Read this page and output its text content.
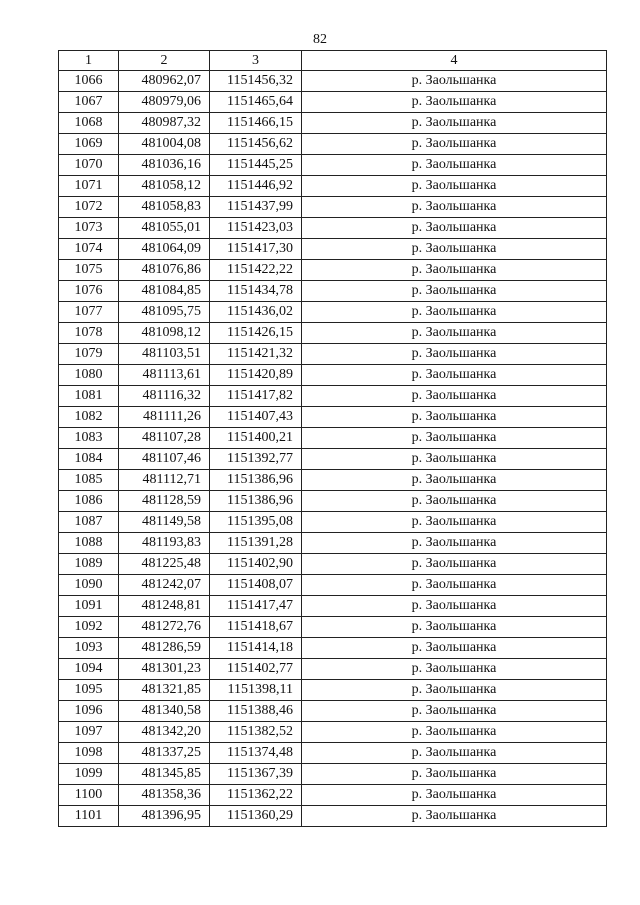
82
1	2	3	4
1066	480962,07	1151456,32	р. Заольшанка
1067	480979,06	1151465,64	р. Заольшанка
1068	480987,32	1151466,15	р. Заольшанка
1069	481004,08	1151456,62	р. Заольшанка
1070	481036,16	1151445,25	р. Заольшанка
1071	481058,12	1151446,92	р. Заольшанка
1072	481058,83	1151437,99	р. Заольшанка
1073	481055,01	1151423,03	р. Заольшанка
1074	481064,09	1151417,30	р. Заольшанка
1075	481076,86	1151422,22	р. Заольшанка
1076	481084,85	1151434,78	р. Заольшанка
1077	481095,75	1151436,02	р. Заольшанка
1078	481098,12	1151426,15	р. Заольшанка
1079	481103,51	1151421,32	р. Заольшанка
1080	481113,61	1151420,89	р. Заольшанка
1081	481116,32	1151417,82	р. Заольшанка
1082	481111,26	1151407,43	р. Заольшанка
1083	481107,28	1151400,21	р. Заольшанка
1084	481107,46	1151392,77	р. Заольшанка
1085	481112,71	1151386,96	р. Заольшанка
1086	481128,59	1151386,96	р. Заольшанка
1087	481149,58	1151395,08	р. Заольшанка
1088	481193,83	1151391,28	р. Заольшанка
1089	481225,48	1151402,90	р. Заольшанка
1090	481242,07	1151408,07	р. Заольшанка
1091	481248,81	1151417,47	р. Заольшанка
1092	481272,76	1151418,67	р. Заольшанка
1093	481286,59	1151414,18	р. Заольшанка
1094	481301,23	1151402,77	р. Заольшанка
1095	481321,85	1151398,11	р. Заольшанка
1096	481340,58	1151388,46	р. Заольшанка
1097	481342,20	1151382,52	р. Заольшанка
1098	481337,25	1151374,48	р. Заольшанка
1099	481345,85	1151367,39	р. Заольшанка
1100	481358,36	1151362,22	р. Заольшанка
1101	481396,95	1151360,29	р. Заольшанка
